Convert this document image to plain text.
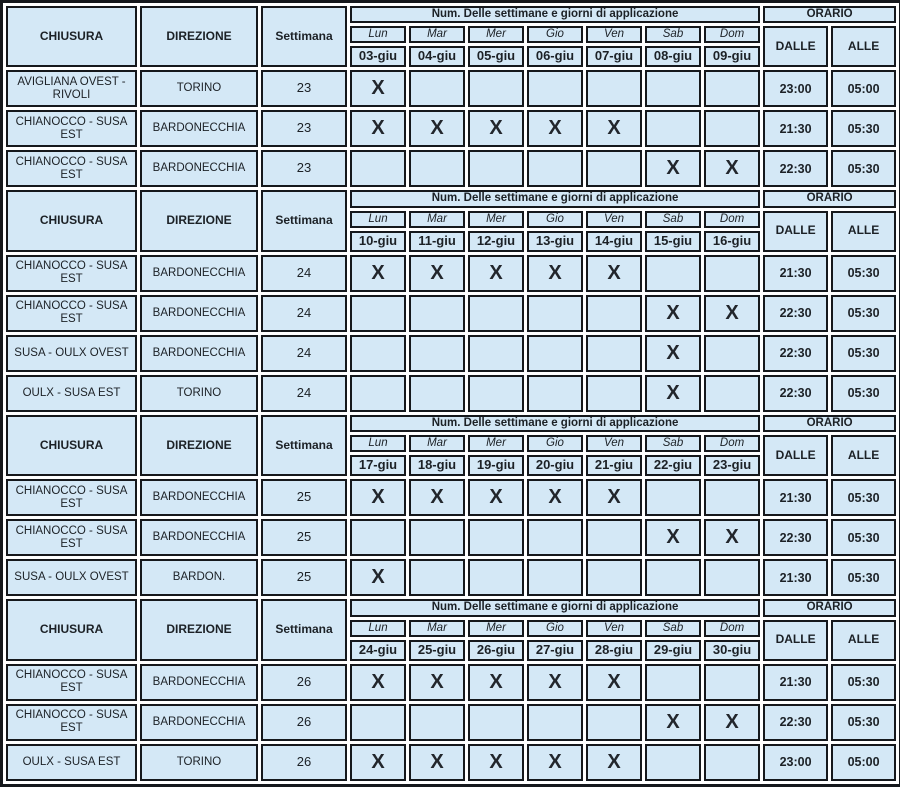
CHIUSURA	DIREZIONE	Settimana	Num. Delle settimane e giorni di applicazione							ORARIO	
			Lun	Mar	Mer	Gio	Ven	Sab	Dom	DALLE	ALLE
			03-giu	04-giu	05-giu	06-giu	07-giu	08-giu	09-giu		
AVIGLIANA OVEST - RIVOLI	TORINO	23	X							23:00	05:00
CHIANOCCO - SUSA EST	BARDONECCHIA	23	X	X	X	X	X			21:30	05:30
CHIANOCCO - SUSA EST	BARDONECCHIA	23						X	X	22:30	05:30
CHIUSURA	DIREZIONE	Settimana	Num. Delle settimane e giorni di applicazione							ORARIO	
			Lun	Mar	Mer	Gio	Ven	Sab	Dom	DALLE	ALLE
			10-giu	11-giu	12-giu	13-giu	14-giu	15-giu	16-giu		
CHIANOCCO - SUSA EST	BARDONECCHIA	24	X	X	X	X	X			21:30	05:30
CHIANOCCO - SUSA EST	BARDONECCHIA	24						X	X	22:30	05:30
SUSA - OULX OVEST	BARDONECCHIA	24						X		22:30	05:30
OULX - SUSA EST	TORINO	24						X		22:30	05:30
CHIUSURA	DIREZIONE	Settimana	Num. Delle settimane e giorni di applicazione							ORARIO	
			Lun	Mar	Mer	Gio	Ven	Sab	Dom	DALLE	ALLE
			17-giu	18-giu	19-giu	20-giu	21-giu	22-giu	23-giu		
CHIANOCCO - SUSA EST	BARDONECCHIA	25	X	X	X	X	X			21:30	05:30
CHIANOCCO - SUSA EST	BARDONECCHIA	25						X	X	22:30	05:30
SUSA - OULX OVEST	BARDON.	25	X							21:30	05:30
CHIUSURA	DIREZIONE	Settimana	Num. Delle settimane e giorni di applicazione							ORARIO	
			Lun	Mar	Mer	Gio	Ven	Sab	Dom	DALLE	ALLE
			24-giu	25-giu	26-giu	27-giu	28-giu	29-giu	30-giu		
CHIANOCCO - SUSA EST	BARDONECCHIA	26	X	X	X	X	X			21:30	05:30
CHIANOCCO - SUSA EST	BARDONECCHIA	26						X	X	22:30	05:30
OULX - SUSA EST	TORINO	26	X	X	X	X	X			23:00	05:00
